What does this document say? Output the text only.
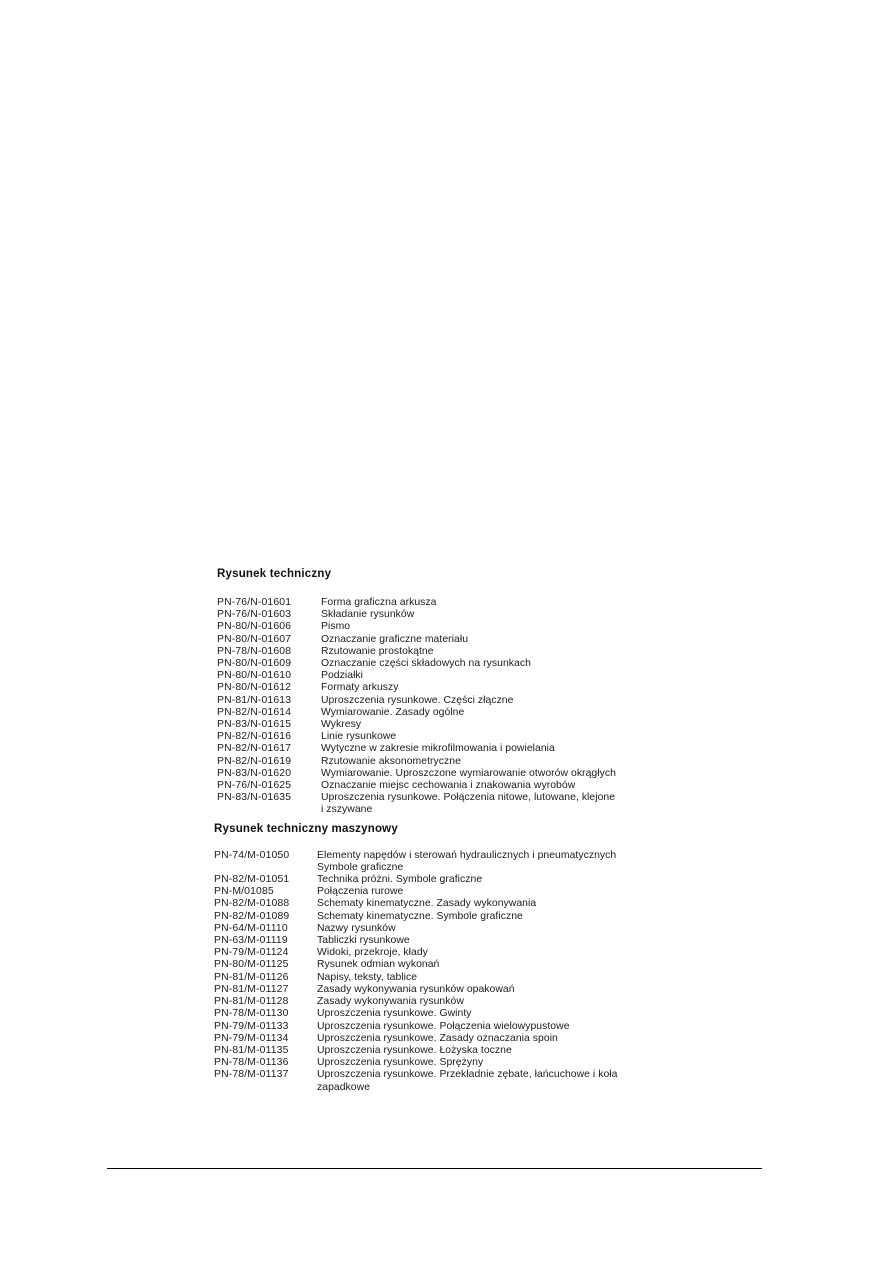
Rysunek techniczny
PN-76/N-01601	Forma graficzna arkusza
PN-76/N-01603	Składanie rysunków
PN-80/N-01606	Pismo
PN-80/N-01607	Oznaczanie graficzne materiału
PN-78/N-01608	Rzutowanie prostokątne
PN-80/N-01609	Oznaczanie części składowych na rysunkach
PN-80/N-01610	Podziałki
PN-80/N-01612	Formaty arkuszy
PN-81/N-01613	Uproszczenia rysunkowe. Części złączne
PN-82/N-01614	Wymiarowanie. Zasady ogólne
PN-83/N-01615	Wykresy
PN-82/N-01616	Linie rysunkowe
PN-82/N-01617	Wytyczne w zakresie mikrofilmowania i powielania
PN-82/N-01619	Rzutowanie aksonometryczne
PN-83/N-01620	Wymiarowanie. Uproszczone wymiarowanie otworów okrągłych
PN-76/N-01625	Oznaczanie miejsc cechowania i znakowania wyrobów
PN-83/N-01635	Uproszczenia rysunkowe. Połączenia nitowe, lutowane, klejone
i zszywane
Rysunek techniczny maszynowy
PN-74/M-01050	Elementy napędów i sterowań hydraulicznych i pneumatycznych
Symbole graficzne
PN-82/M-01051	Technika próżni. Symbole graficzne
PN-M/01085	Połączenia rurowe
PN-82/M-01088	Schematy kinematyczne. Zasady wykonywania
PN-82/M-01089	Schematy kinematyczne. Symbole graficzne
PN-64/M-01110	Nazwy rysunków
PN-63/M-01119	Tabliczki rysunkowe
PN-79/M-01124	Widoki, przekroje, kłady
PN-80/M-01125	Rysunek odmian wykonań
PN-81/M-01126	Napisy, teksty, tablice
PN-81/M-01127	Zasady wykonywania rysunków opakowań
PN-81/M-01128	Zasady wykonywania rysunków
PN-78/M-01130	Uproszczenia rysunkowe. Gwinty
PN-79/M-01133	Uproszczenia rysunkowe. Połączenia wielowypustowe
PN-79/M-01134	Uproszczenia rysunkowe. Zasady oznaczania spoin
PN-81/M-01135	Uproszczenia rysunkowe. Łożyska toczne
PN-78/M-01136	Uproszczenia rysunkowe. Sprężyny
PN-78/M-01137	Uproszczenia rysunkowe. Przekładnie zębate, łańcuchowe i koła
zapadkowe
